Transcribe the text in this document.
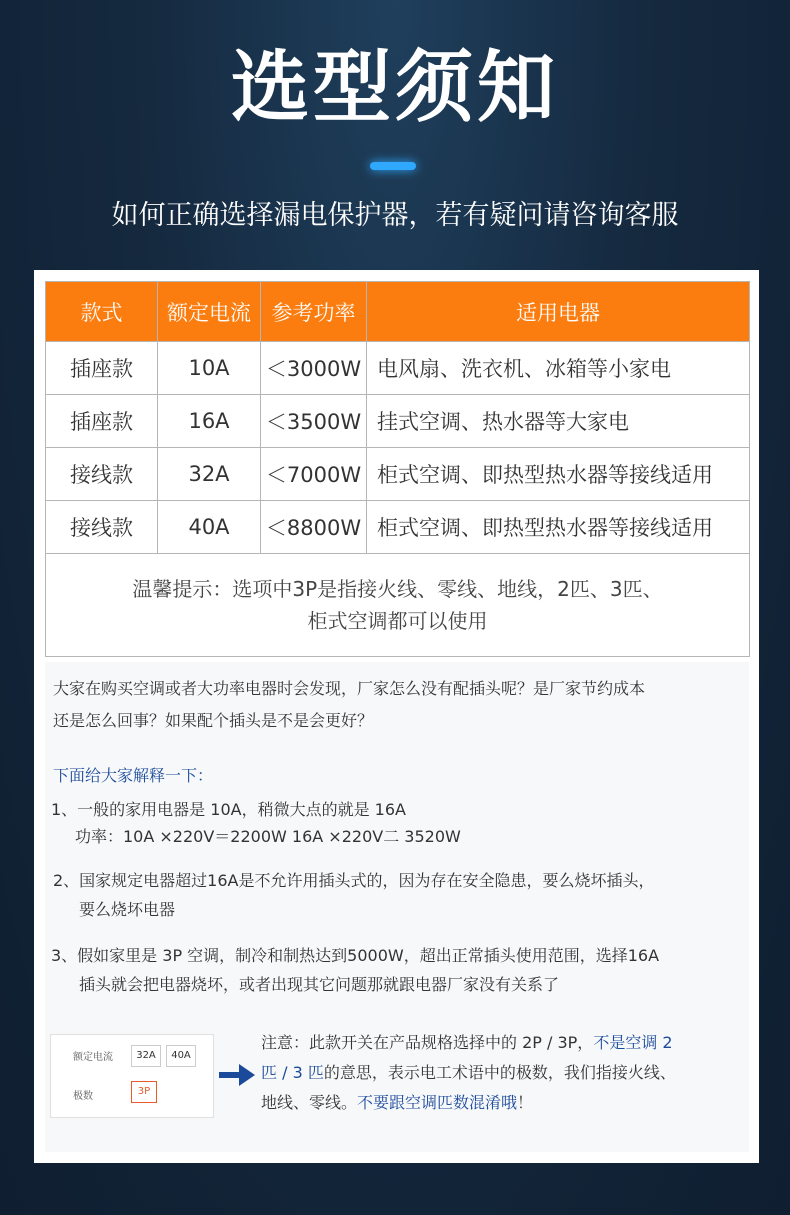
选型须知
如何正确选择漏电保护器，若有疑问请咨询客服
款式	额定电流	参考功率	适用电器
插座款	10A	＜3000W	电风扇、洗衣机、冰箱等小家电
插座款	16A	＜3500W	挂式空调、热水器等大家电
接线款	32A	＜7000W	柜式空调、即热型热水器等接线适用
接线款	40A	＜8800W	柜式空调、即热型热水器等接线适用

温馨提示：选项中3P是指接火线、零线、地线，2匹、3匹、
柜式空调都可以使用			
大家在购买空调或者大功率电器时会发现，厂家怎么没有配插头呢？是厂家节约成本
还是怎么回事？如果配个插头是不是会更好？
下面给大家解释一下：
1、一般的家用电器是 10A，稍微大点的就是 16A
功率：10A ×220V＝2200W 16A ×220V二 3520W
2、国家规定电器超过16A是不允许用插头式的，因为存在安全隐患，要么烧坏插头，
要么烧坏电器
3、假如家里是 3P 空调，制冷和制热达到5000W，超出正常插头使用范围，选择16A
插头就会把电器烧坏，或者出现其它问题那就跟电器厂家没有关系了
额定电流	32A	40A
极数	3P
注意：此款开关在产品规格选择中的 2P / 3P，不是空调 2
匹 / 3 匹的意思，表示电工术语中的极数，我们指接火线、
地线、零线。不要跟空调匹数混淆哦！
